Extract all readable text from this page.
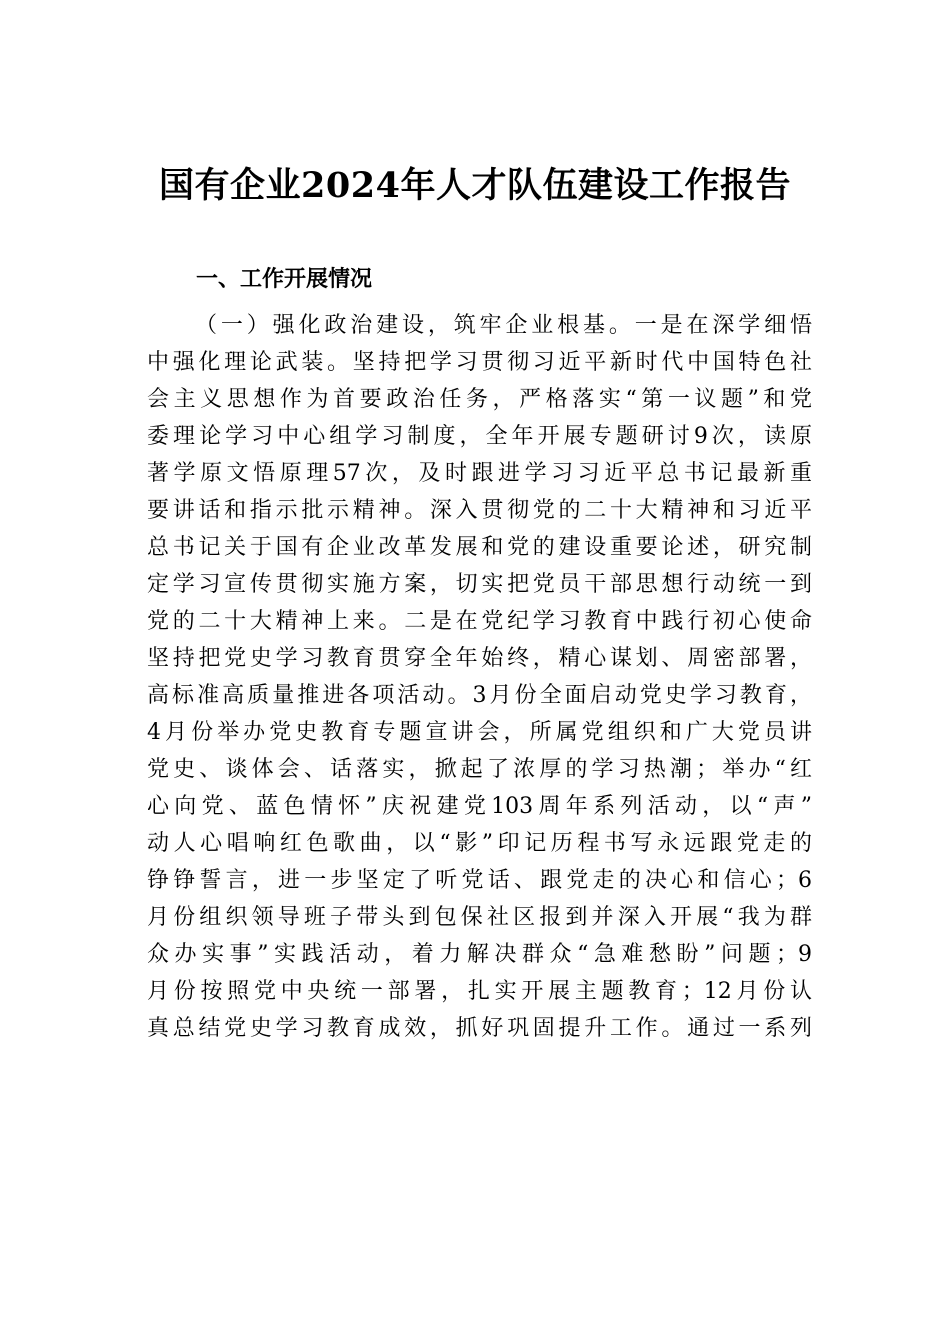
国有企业2024年人才队伍建设工作报告
一、工作开展情况
（一）强化政治建设，筑牢企业根基。一是在深学细悟
中强化理论武装。坚持把学习贯彻习近平新时代中国特色社
会主义思想作为首要政治任务，严格落实“第一议题”和党
委理论学习中心组学习制度，全年开展专题研讨9次，读原
著学原文悟原理57次，及时跟进学习习近平总书记最新重
要讲话和指示批示精神。深入贯彻党的二十大精神和习近平
总书记关于国有企业改革发展和党的建设重要论述，研究制
定学习宣传贯彻实施方案，切实把党员干部思想行动统一到
党的二十大精神上来。二是在党纪学习教育中践行初心使命
坚持把党史学习教育贯穿全年始终，精心谋划、周密部署，
高标准高质量推进各项活动。3月份全面启动党史学习教育，
4月份举办党史教育专题宣讲会，所属党组织和广大党员讲
党史、谈体会、话落实，掀起了浓厚的学习热潮；举办“红
心向党、蓝色情怀”庆祝建党103周年系列活动，以“声”
动人心唱响红色歌曲，以“影”印记历程书写永远跟党走的
铮铮誓言，进一步坚定了听党话、跟党走的决心和信心；6
月份组织领导班子带头到包保社区报到并深入开展“我为群
众办实事”实践活动，着力解决群众“急难愁盼”问题；9
月份按照党中央统一部署，扎实开展主题教育；12月份认
真总结党史学习教育成效，抓好巩固提升工作。通过一系列
